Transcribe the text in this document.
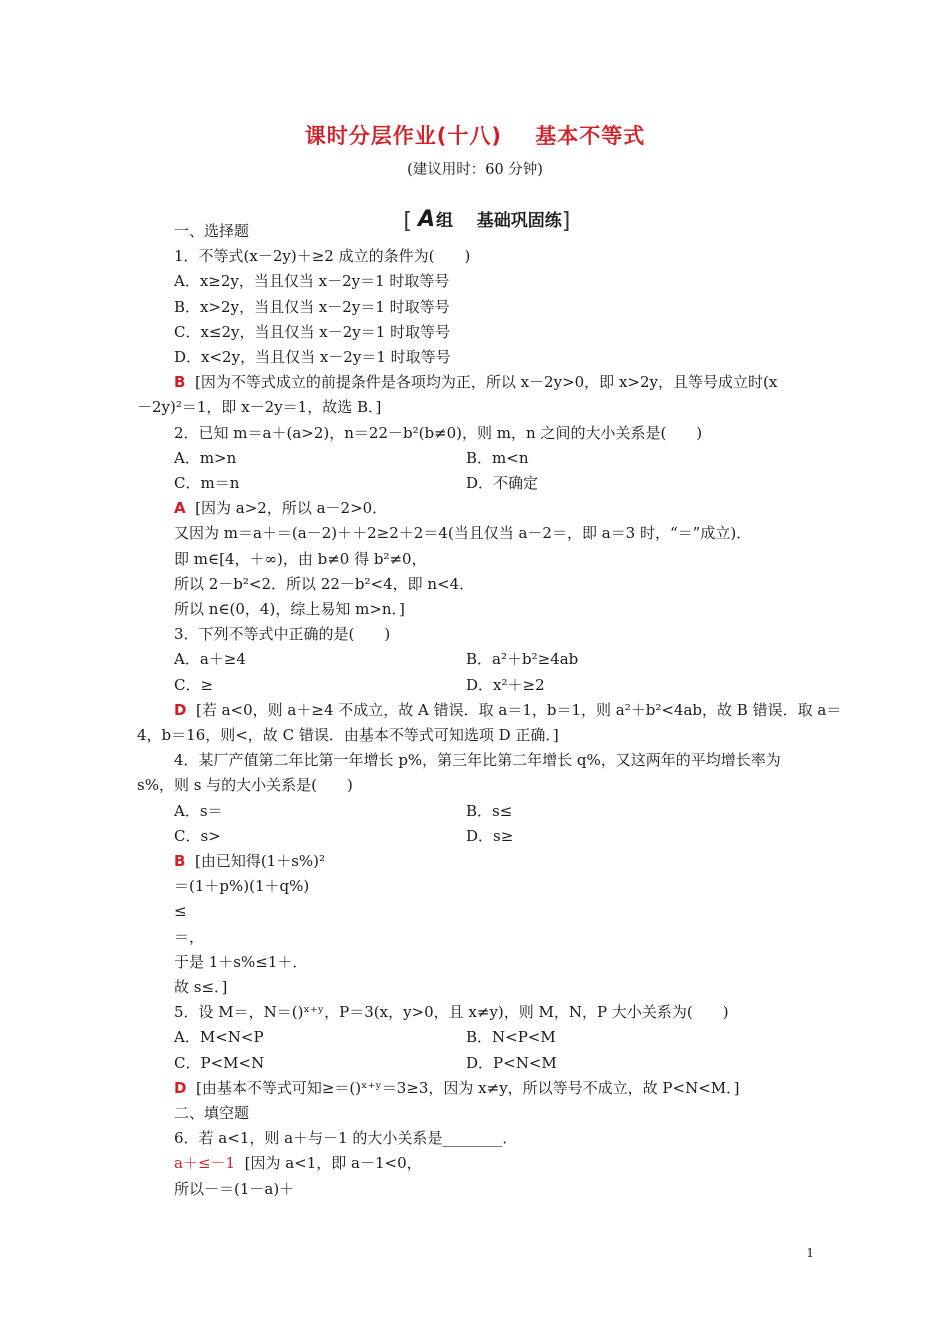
课时分层作业(十八)    基本不等式
(建议用时：60 分钟)

[ A组    基础巩固练]

一、选择题
1．不等式(x－2y)＋≥2 成立的条件为(　　)
A．x≥2y，当且仅当 x－2y＝1 时取等号
B．x>2y，当且仅当 x－2y＝1 时取等号
C．x≤2y，当且仅当 x－2y＝1 时取等号
D．x<2y，当且仅当 x－2y＝1 时取等号
B  [因为不等式成立的前提条件是各项均为正，所以 x－2y>0，即 x>2y，且等号成立时(x
－2y)²＝1，即 x－2y＝1，故选 B．]
2．已知 m＝a＋(a>2)，n＝22－b²(b≠0)，则 m，n 之间的大小关系是(　　)
A．m>n	B．m<n
C．m＝n	D．不确定
A  [因为 a>2，所以 a－2>0．
又因为 m＝a＋＝(a－2)＋＋2≥2＋2＝4(当且仅当 a－2＝，即 a＝3 时，“＝”成立)．
即 m∈[4，＋∞)，由 b≠0 得 b²≠0，
所以 2－b²<2．所以 22－b²<4，即 n<4．
所以 n∈(0，4)，综上易知 m>n．]
3．下列不等式中正确的是(　　)
A．a＋≥4	B．a²＋b²≥4ab
C．≥	D．x²＋≥2
D  [若 a<0，则 a＋≥4 不成立，故 A 错误．取 a＝1，b＝1，则 a²＋b²<4ab，故 B 错误．取 a＝
4，b＝16，则<，故 C 错误．由基本不等式可知选项 D 正确．]
4．某厂产值第二年比第一年增长 p%，第三年比第二年增长 q%，又这两年的平均增长率为
s%，则 s 与的大小关系是(　　)
A．s＝	B．s≤
C．s>	D．s≥
B  [由已知得(1＋s%)²
＝(1＋p%)(1＋q%)
≤
＝，
于是 1＋s%≤1＋．
故 s≤．]
5．设 M＝，N＝()ˣ⁺ʸ，P＝3(x，y>0，且 x≠y)，则 M，N，P 大小关系为(　　)
A．M<N<P	B．N<P<M
C．P<M<N	D．P<N<M
D  [由基本不等式可知≥＝()ˣ⁺ʸ＝3≥3，因为 x≠y，所以等号不成立，故 P<N<M．]
二、填空题
6．若 a<1，则 a＋与－1 的大小关系是________．
a＋≤－1  [因为 a<1，即 a－1<0，
所以－＝(1－a)＋
1
